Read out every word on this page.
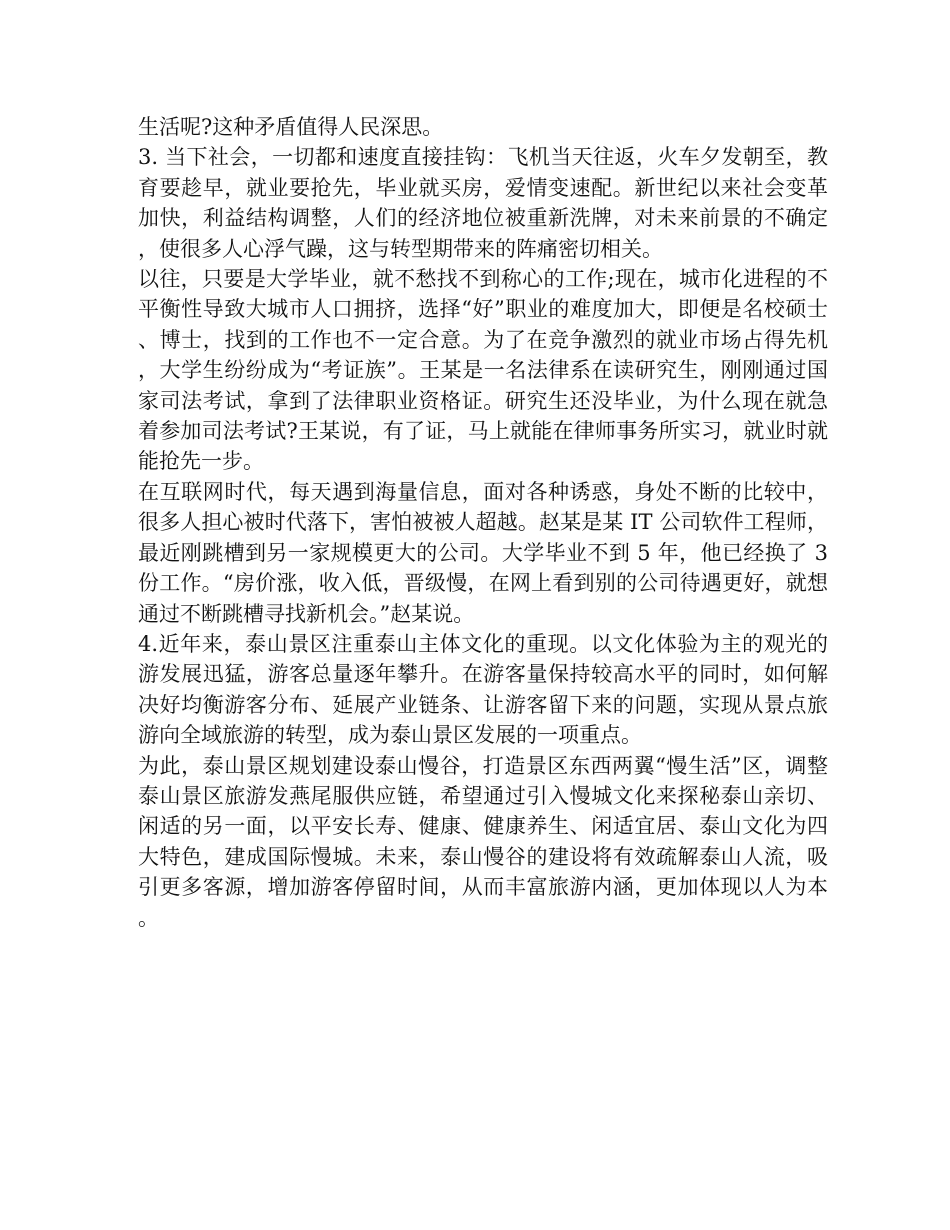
生活呢?这种矛盾值得人民深思。

3. 当下社会，一切都和速度直接挂钩：飞机当天往返，火车夕发朝至，教育要趁早，就业要抢先，毕业就买房，爱情变速配。新世纪以来社会变革加快，利益结构调整，人们的经济地位被重新洗牌，对未来前景的不确定，使很多人心浮气躁，这与转型期带来的阵痛密切相关。

以往，只要是大学毕业，就不愁找不到称心的工作;现在，城市化进程的不平衡性导致大城市人口拥挤，选择“好”职业的难度加大，即便是名校硕士、博士，找到的工作也不一定合意。为了在竞争激烈的就业市场占得先机，大学生纷纷成为“考证族”。王某是一名法律系在读研究生，刚刚通过国家司法考试，拿到了法律职业资格证。研究生还没毕业，为什么现在就急着参加司法考试?王某说，有了证，马上就能在律师事务所实习，就业时就能抢先一步。

在互联网时代，每天遇到海量信息，面对各种诱惑，身处不断的比较中，很多人担心被时代落下，害怕被被人超越。赵某是某 IT 公司软件工程师，最近刚跳槽到另一家规模更大的公司。大学毕业不到 5 年，他已经换了 3 份工作。“房价涨，收入低，晋级慢，在网上看到别的公司待遇更好，就想通过不断跳槽寻找新机会。”赵某说。

4.近年来，泰山景区注重泰山主体文化的重现。以文化体验为主的观光的游发展迅猛，游客总量逐年攀升。在游客量保持较高水平的同时，如何解决好均衡游客分布、延展产业链条、让游客留下来的问题，实现从景点旅游向全域旅游的转型，成为泰山景区发展的一项重点。

为此，泰山景区规划建设泰山慢谷，打造景区东西两翼“慢生活”区，调整泰山景区旅游发燕尾服供应链，希望通过引入慢城文化来探秘泰山亲切、闲适的另一面，以平安长寿、健康、健康养生、闲适宜居、泰山文化为四大特色，建成国际慢城。未来，泰山慢谷的建设将有效疏解泰山人流，吸引更多客源，增加游客停留时间，从而丰富旅游内涵，更加体现以人为本。
